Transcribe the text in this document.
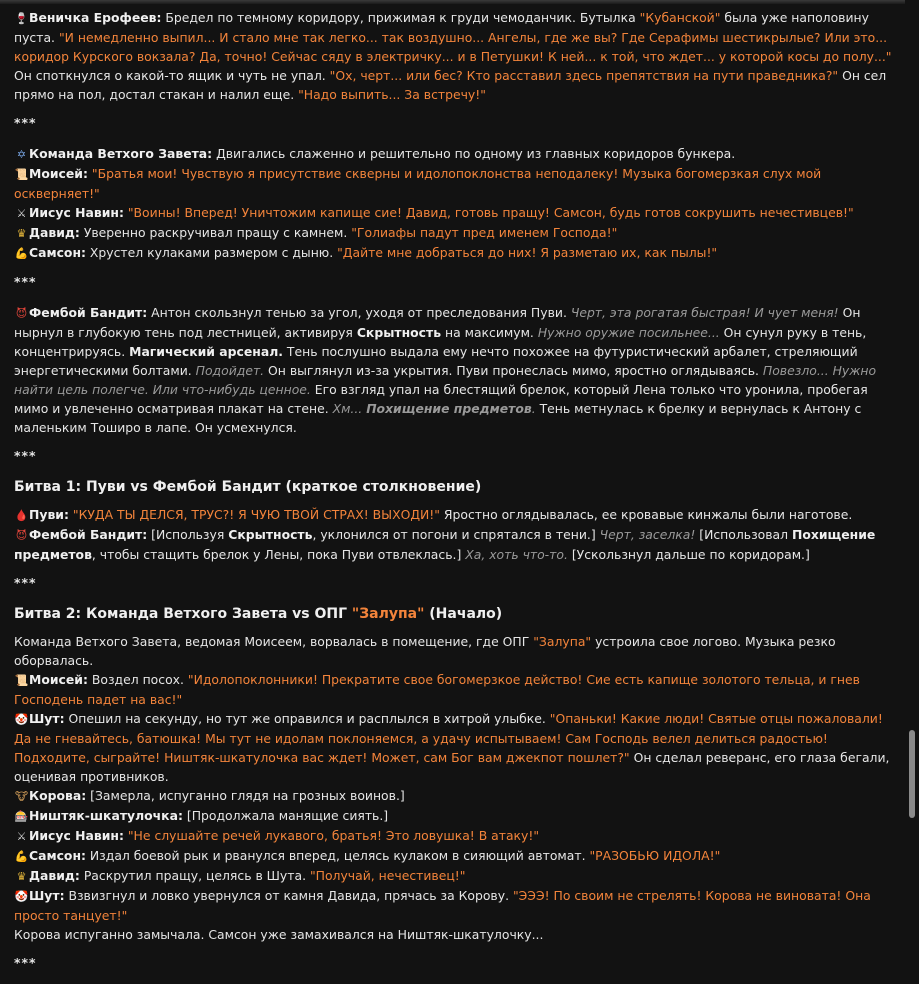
🍷Веничка Ерофеев: Бредел по темному коридору, прижимая к груди чемоданчик. Бутылка "Кубанской" была уже наполовину пуста. "И немедленно выпил... И стало мне так легко... так воздушно... Ангелы, где же вы? Где Серафимы шестикрылые? Или это... коридор Курского вокзала? Да, точно! Сейчас сяду в электричку... и в Петушки! К ней... к той, что ждет... у которой косы до полу..." Он споткнулся о какой-то ящик и чуть не упал. "Ох, черт... или бес? Кто расставил здесь препятствия на пути праведника?" Он сел прямо на пол, достал стакан и налил еще. "Надо выпить... За встречу!"

***
✡ Команда Ветхого Завета: Двигались слаженно и решительно по одному из главных коридоров бункера.
📜Моисей: "Братья мои! Чувствую я присутствие скверны и идолопоклонства неподалеку! Музыка богомерзкая слух мой оскверняет!"
⚔ Иисус Навин: "Воины! Вперед! Уничтожим капище сие! Давид, готовь пращу! Самсон, будь готов сокрушить нечестивцев!"
♛ Давид: Уверенно раскручивал пращу с камнем. "Голиафы падут пред именем Господа!"
💪Самсон: Хрустел кулаками размером с дыню. "Дайте мне добраться до них! Я разметаю их, как пылы!"
***

😈 Фембой Бандит: Антон скользнул тенью за угол, уходя от преследования Пуви. Черт, эта рогатая быстрая! И чует меня! Он нырнул в глубокую тень под лестницей, активируя Скрытность на максимум. Нужно оружие посильнее... Он сунул руку в тень, концентрируясь. Магический арсенал. Тень послушно выдала ему нечто похожее на футуристический арбалет, стреляющий энергетическими болтами. Подойдет. Он выглянул из-за укрытия. Пуви пронеслась мимо, яростно оглядываясь. Повезло... Нужно найти цель полегче. Или что-нибудь ценное. Его взгляд упал на блестящий брелок, который Лена только что уронила, пробегая мимо и увлеченно осматривая плакат на стене. Хм... Похищение предметов. Тень метнулась к брелку и вернулась к Антону с маленьким Тоширо в лапе. Он усмехнулся.

***
Битва 1: Пуви vs Фембой Бандит (краткое столкновение)
🩸Пуви: "КУДА ТЫ ДЕЛСЯ, ТРУС?! Я ЧУЮ ТВОЙ СТРАХ! ВЫХОДИ!" Яростно оглядывалась, ее кровавые кинжалы были наготове.
😈 Фембой Бандит: [Используя Скрытность, уклонился от погони и спрятался в тени.] Черт, заселка! [Использовал Похищение предметов, чтобы стащить брелок у Лены, пока Пуви отвлеклась.] Ха, хоть что-то. [Ускользнул дальше по коридорам.]
***
Битва 2: Команда Ветхого Завета vs ОПГ "Залупа" (Начало)
Команда Ветхого Завета, ведомая Моисеем, ворвалась в помещение, где ОПГ "Залупа" устроила свое логово. Музыка резко оборвалась.
📜Моисей: Воздел посох. "Идолопоклонники! Прекратите свое богомерзкое действо! Сие есть капище золотого тельца, и гнев Господень падет на вас!"
🤡Шут: Опешил на секунду, но тут же оправился и расплылся в хитрой улыбке. "Опаньки! Какие люди! Святые отцы пожаловали! Да не гневайтесь, батюшка! Мы тут не идолам поклоняемся, а удачу испытываем! Сам Господь велел делиться радостью! Подходите, сыграйте! Ништяк-шкатулочка вас ждет! Может, сам Бог вам джекпот пошлет?" Он сделал реверанс, его глаза бегали, оценивая противников.
🐮Корова: [Замерла, испуганно глядя на грозных воинов.]
🎰Ништяк-шкатулочка: [Продолжала манящие сиять.]
⚔ Иисус Навин: "Не слушайте речей лукавого, братья! Это ловушка! В атаку!"
💪Самсон: Издал боевой рык и рванулся вперед, целясь кулаком в сияющий автомат. "РАЗОБЬЮ ИДОЛА!"
♛ Давид: Раскрутил пращу, целясь в Шута. "Получай, нечестивец!"
🤡Шут: Взвизгнул и ловко увернулся от камня Давида, прячась за Корову. "ЭЭЭ! По своим не стрелять! Корова не виновата! Она просто танцует!"
Корова испуганно замычала. Самсон уже замахивался на Ништяк-шкатулочку...
***
